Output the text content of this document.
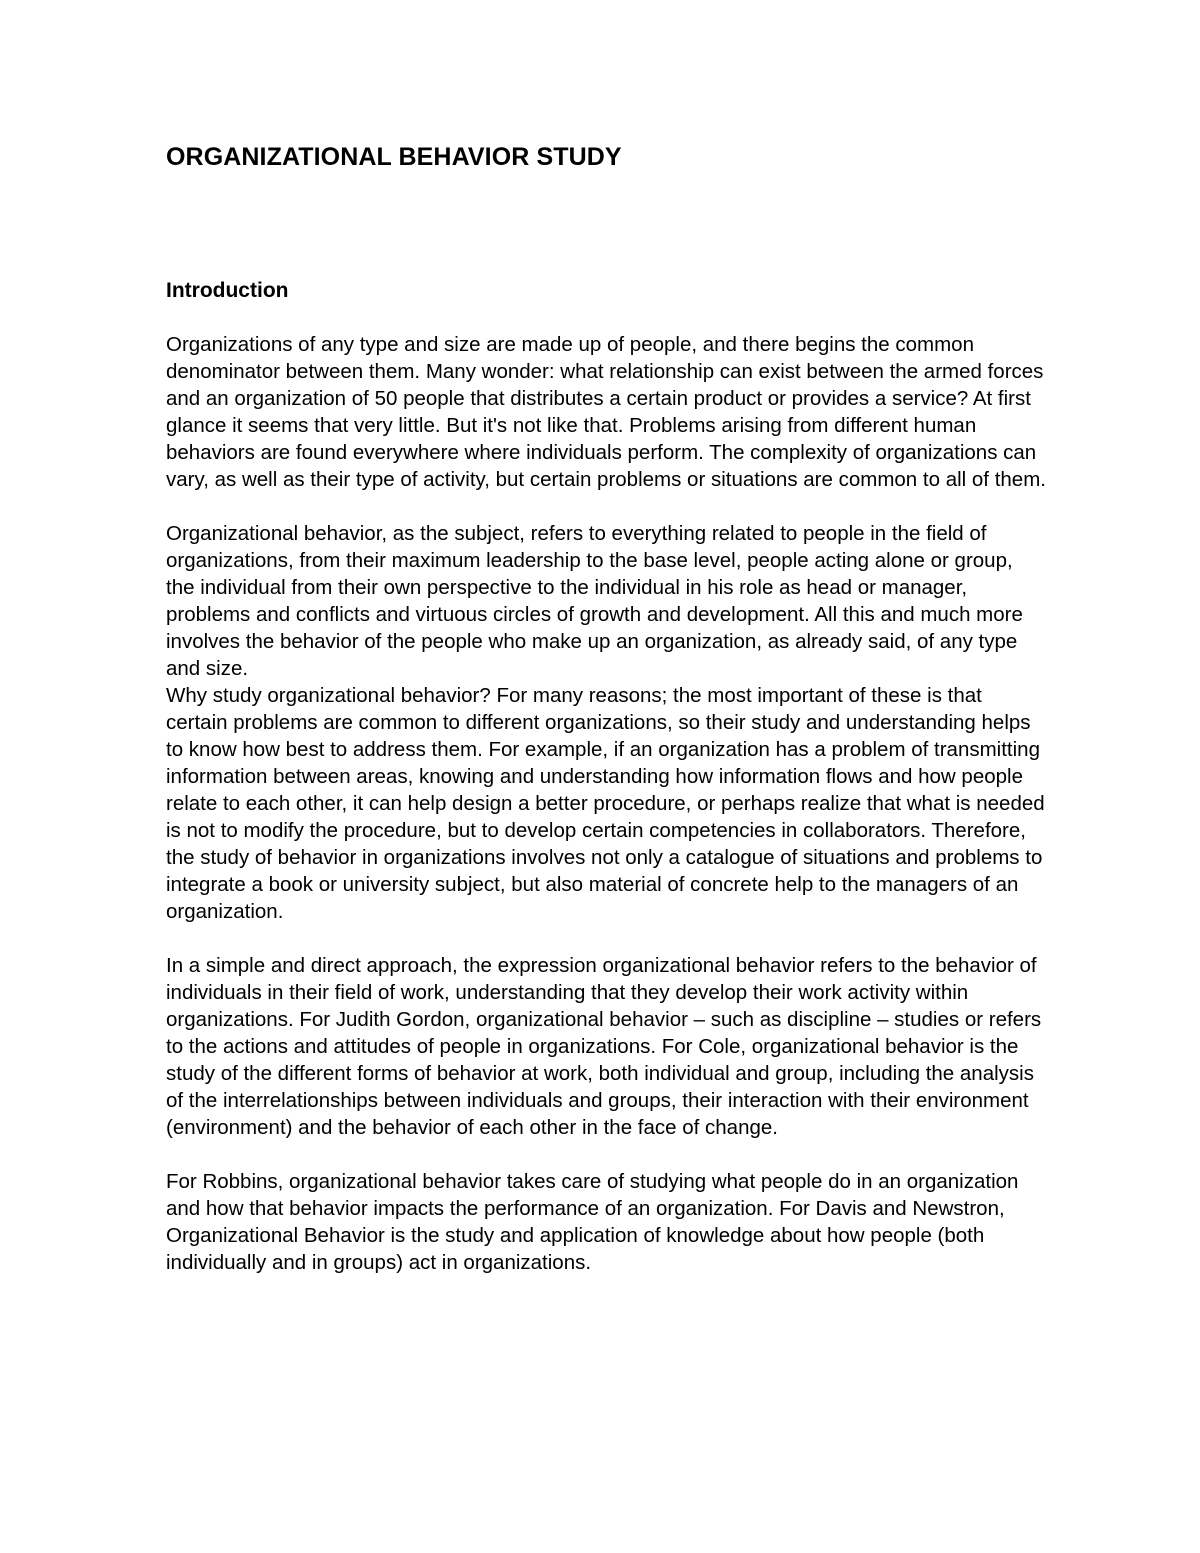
ORGANIZATIONAL BEHAVIOR STUDY
Introduction

Organizations of any type and size are made up of people, and there begins the common denominator between them. Many wonder: what relationship can exist between the armed forces and an organization of 50 people that distributes a certain product or provides a service? At first glance it seems that very little. But it's not like that. Problems arising from different human behaviors are found everywhere where individuals perform. The complexity of organizations can vary, as well as their type of activity, but certain problems or situations are common to all of them.

Organizational behavior, as the subject, refers to everything related to people in the field of organizations, from their maximum leadership to the base level, people acting alone or group, the individual from their own perspective to the individual in his role as head or manager, problems and conflicts and virtuous circles of growth and development. All this and much more involves the behavior of the people who make up an organization, as already said, of any type and size.

Why study organizational behavior? For many reasons; the most important of these is that certain problems are common to different organizations, so their study and understanding helps to know how best to address them. For example, if an organization has a problem of transmitting information between areas, knowing and understanding how information flows and how people relate to each other, it can help design a better procedure, or perhaps realize that what is needed is not to modify the procedure, but to develop certain competencies in collaborators. Therefore, the study of behavior in organizations involves not only a catalogue of situations and problems to integrate a book or university subject, but also material of concrete help to the managers of an organization.

In a simple and direct approach, the expression organizational behavior refers to the behavior of individuals in their field of work, understanding that they develop their work activity within organizations. For Judith Gordon, organizational behavior – such as discipline – studies or refers to the actions and attitudes of people in organizations. For Cole, organizational behavior is the study of the different forms of behavior at work, both individual and group, including the analysis of the interrelationships between individuals and groups, their interaction with their environment (environment) and the behavior of each other in the face of change.

For Robbins, organizational behavior takes care of studying what people do in an organization and how that behavior impacts the performance of an organization. For Davis and Newstron, Organizational Behavior is the study and application of knowledge about how people (both individually and in groups) act in organizations.
